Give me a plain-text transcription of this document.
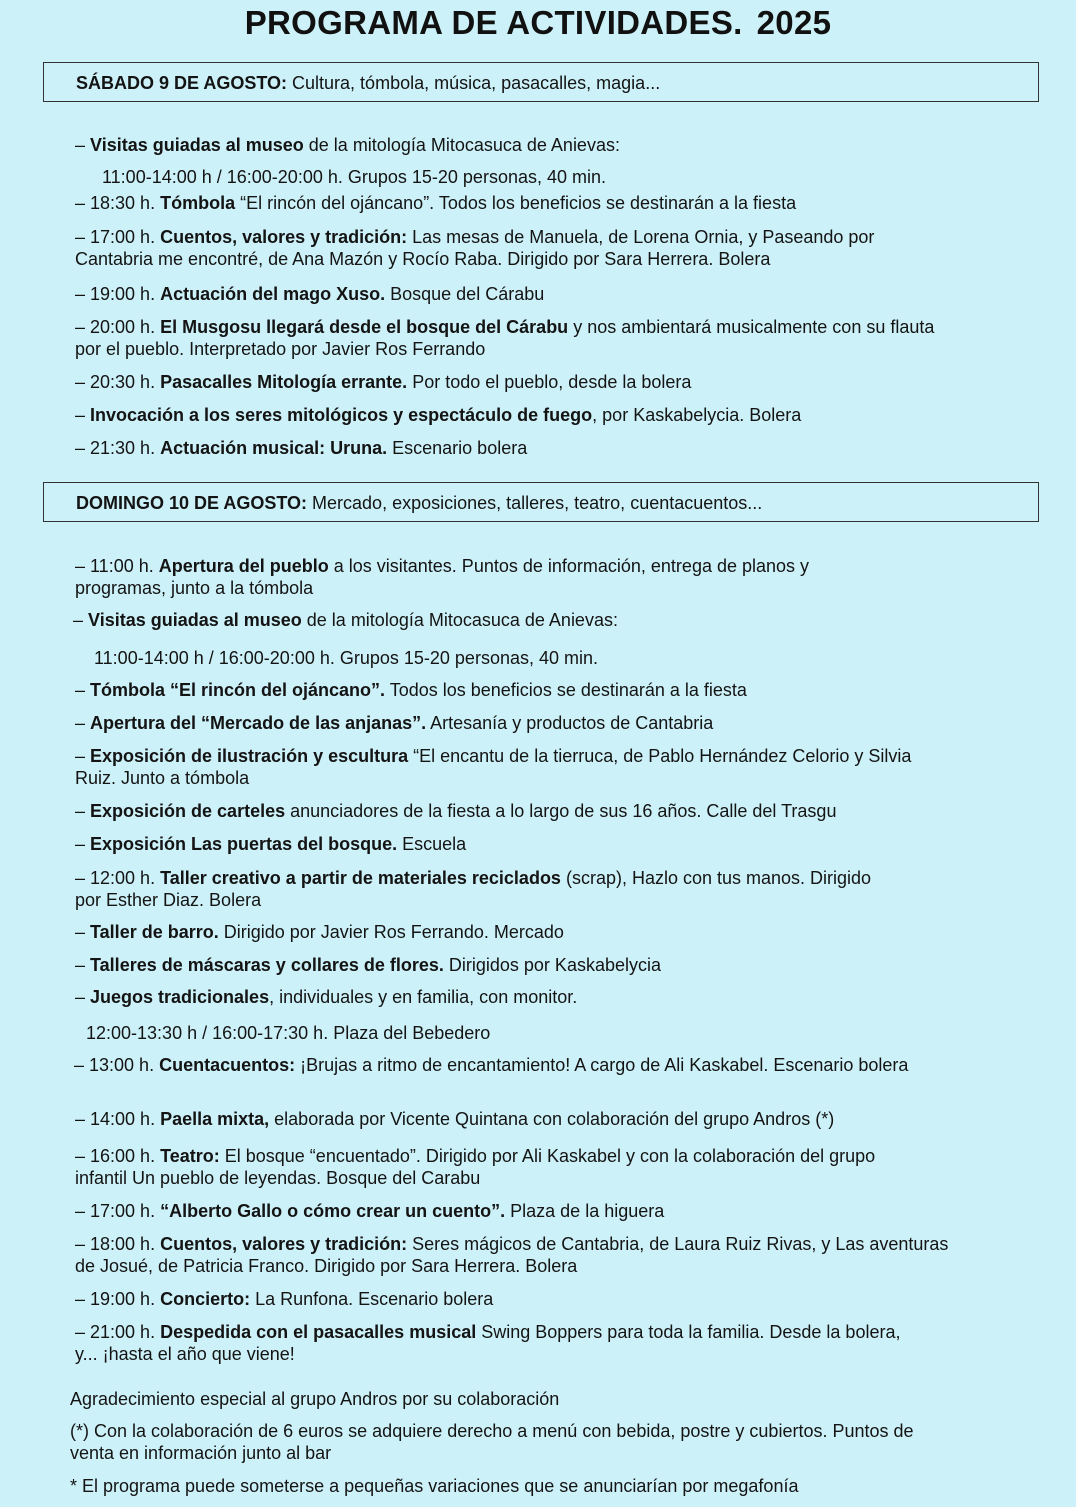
PROGRAMA DE ACTIVIDADES. 2025
SÁBADO 9 DE AGOSTO: Cultura, tómbola, música, pasacalles, magia...
– Visitas guiadas al museo de la mitología Mitocasuca de Anievas:
11:00-14:00 h / 16:00-20:00 h. Grupos 15-20 personas, 40 min.
– 18:30 h. Tómbola “El rincón del ojáncano”. Todos los beneficios se destinarán a la fiesta
– 17:00 h. Cuentos, valores y tradición: Las mesas de Manuela, de Lorena Ornia, y Paseando por Cantabria me encontré, de Ana Mazón y Rocío Raba. Dirigido por Sara Herrera. Bolera
– 19:00 h. Actuación del mago Xuso. Bosque del Cárabu
– 20:00 h. El Musgosu llegará desde el bosque del Cárabu y nos ambientará musicalmente con su flauta por el pueblo. Interpretado por Javier Ros Ferrando
– 20:30 h. Pasacalles Mitología errante. Por todo el pueblo, desde la bolera
– Invocación a los seres mitológicos y espectáculo de fuego, por Kaskabelycia. Bolera
– 21:30 h. Actuación musical: Uruna. Escenario bolera
DOMINGO 10 DE AGOSTO: Mercado, exposiciones, talleres, teatro, cuentacuentos...
– 11:00 h. Apertura del pueblo a los visitantes. Puntos de información, entrega de planos y programas, junto a la tómbola
– Visitas guiadas al museo de la mitología Mitocasuca de Anievas:
11:00-14:00 h / 16:00-20:00 h. Grupos 15-20 personas, 40 min.
– Tómbola “El rincón del ojáncano”. Todos los beneficios se destinarán a la fiesta
– Apertura del “Mercado de las anjanas”. Artesanía y productos de Cantabria
– Exposición de ilustración y escultura “El encantu de la tierruca, de Pablo Hernández Celorio y Silvia Ruiz. Junto a tómbola
– Exposición de carteles anunciadores de la fiesta a lo largo de sus 16 años. Calle del Trasgu
– Exposición Las puertas del bosque. Escuela
– 12:00 h. Taller creativo a partir de materiales reciclados (scrap), Hazlo con tus manos. Dirigido por Esther Diaz. Bolera
– Taller de barro. Dirigido por Javier Ros Ferrando. Mercado
– Talleres de máscaras y collares de flores. Dirigidos por Kaskabelycia
– Juegos tradicionales, individuales y en familia, con monitor.
12:00-13:30 h / 16:00-17:30 h. Plaza del Bebedero
– 13:00 h. Cuentacuentos: ¡Brujas a ritmo de encantamiento! A cargo de Ali Kaskabel. Escenario bolera
– 14:00 h. Paella mixta, elaborada por Vicente Quintana con colaboración del grupo Andros (*)
– 16:00 h. Teatro: El bosque “encuentado”. Dirigido por Ali Kaskabel y con la colaboración del grupo infantil Un pueblo de leyendas. Bosque del Carabu
– 17:00 h. “Alberto Gallo o cómo crear un cuento”. Plaza de la higuera
– 18:00 h. Cuentos, valores y tradición: Seres mágicos de Cantabria, de Laura Ruiz Rivas, y Las aventuras de Josué, de Patricia Franco. Dirigido por Sara Herrera. Bolera
– 19:00 h. Concierto: La Runfona. Escenario bolera
– 21:00 h. Despedida con el pasacalles musical Swing Boppers para toda la familia. Desde la bolera, y... ¡hasta el año que viene!
Agradecimiento especial al grupo Andros por su colaboración
(*) Con la colaboración de 6 euros se adquiere derecho a menú con bebida, postre y cubiertos. Puntos de venta en información junto al bar
* El programa puede someterse a pequeñas variaciones que se anunciarían por megafonía
